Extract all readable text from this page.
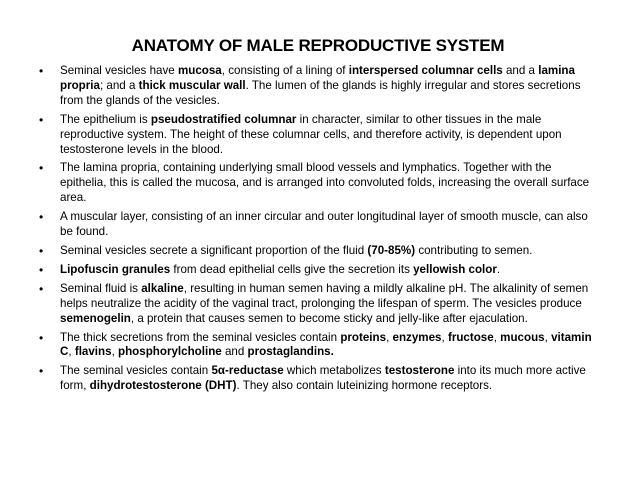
ANATOMY OF MALE REPRODUCTIVE SYSTEM
• Seminal vesicles have mucosa, consisting of a lining of interspersed columnar cells and a lamina propria; and a thick muscular wall. The lumen of the glands is highly irregular and stores secretions from the glands of the vesicles.
• The epithelium is pseudostratified columnar in character, similar to other tissues in the male reproductive system. The height of these columnar cells, and therefore activity, is dependent upon testosterone levels in the blood.
• The lamina propria, containing underlying small blood vessels and lymphatics. Together with the epithelia, this is called the mucosa, and is arranged into convoluted folds, increasing the overall surface area.
• A muscular layer, consisting of an inner circular and outer longitudinal layer of smooth muscle, can also be found.
• Seminal vesicles secrete a significant proportion of the fluid (70-85%) contributing to semen.
• Lipofuscin granules from dead epithelial cells give the secretion its yellowish color.
• Seminal fluid is alkaline, resulting in human semen having a mildly alkaline pH. The alkalinity of semen helps neutralize the acidity of the vaginal tract, prolonging the lifespan of sperm. The vesicles produce semenogelin, a protein that causes semen to become sticky and jelly-like after ejaculation.
• The thick secretions from the seminal vesicles contain proteins, enzymes, fructose, mucous, vitamin C, flavins, phosphorylcholine and prostaglandins.
• The seminal vesicles contain 5α-reductase which metabolizes testosterone into its much more active form, dihydrotestosterone (DHT). They also contain luteinizing hormone receptors.
